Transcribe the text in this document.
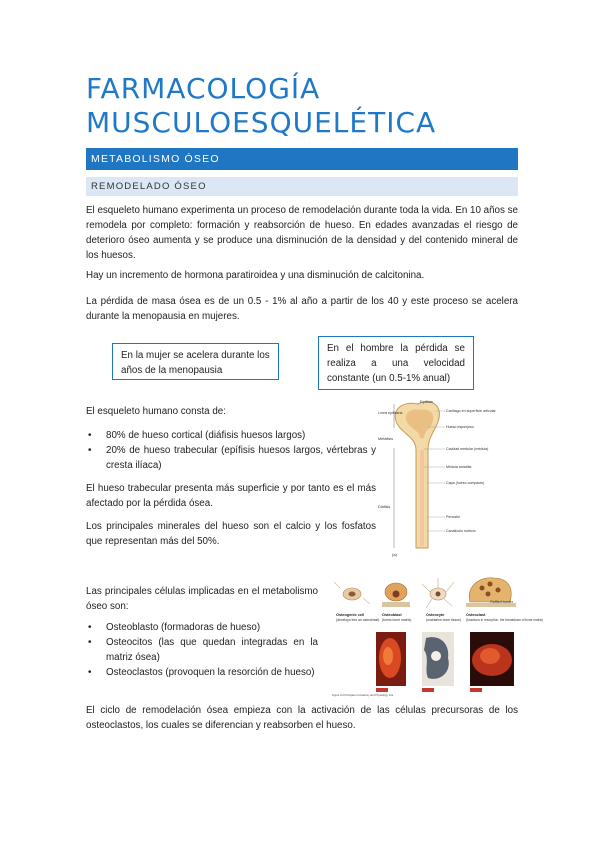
FARMACOLOGÍA
MUSCULOESQUELÉTICA
METABOLISMO ÓSEO
REMODELADO ÓSEO

El esqueleto humano experimenta un proceso de remodelación durante toda la vida. En 10 años se remodela por completo: formación y reabsorción de hueso. En edades avanzadas el riesgo de deterioro óseo aumenta y se produce una disminución de la densidad y del contenido mineral de los huesos.

Hay un incremento de hormona paratiroidea y una disminución de calcitonina.

La pérdida de masa ósea es de un 0.5 - 1% al año a partir de los 40 y este proceso se acelera durante la menopausia en mujeres.

En la mujer se acelera durante los años de la menopausia
En el hombre la pérdida se realiza a una velocidad constante (un 0.5-1% anual)

El esqueleto humano consta de:

• 80% de hueso cortical (diáfisis huesos largos)
• 20% de hueso trabecular (epífisis huesos largos, vértebras y cresta ilíaca)

El hueso trabecular presenta más superficie y por tanto es el más afectado por la pérdida ósea.

Los principales minerales del hueso son el calcio y los fosfatos que representan más del 50%.

Epífisis
Línea epifisaria	Cartílago en superficie articular
Hueso esponjoso
Cavidad medular (médula)
Médula amarilla
Capa (hueso compacto)
Periostio
Canalículo nutricio
Metáfisis
Diáfisis
(a)

Las principales células implicadas en el metabolismo óseo son:

• Osteoblasto (formadoras de hueso)
• Osteocitos (las que quedan integradas en la matriz ósea)
• Osteoclastos (provoquen la resorción de hueso)
Ruffled border
Osteogenic cell
(develops into an osteoblast)
Osteoblast
(forms bone matrix)
Osteocyte
(maintains bone tissue)
Osteoclast
(functions in resorption, the breakdown of bone matrix)
Figure 6-2 Principles of Anatomy and Physiology, 11e

El ciclo de remodelación ósea empieza con la activación de las células precursoras de los osteoclastos, los cuales se diferencian y reabsorben el hueso.
